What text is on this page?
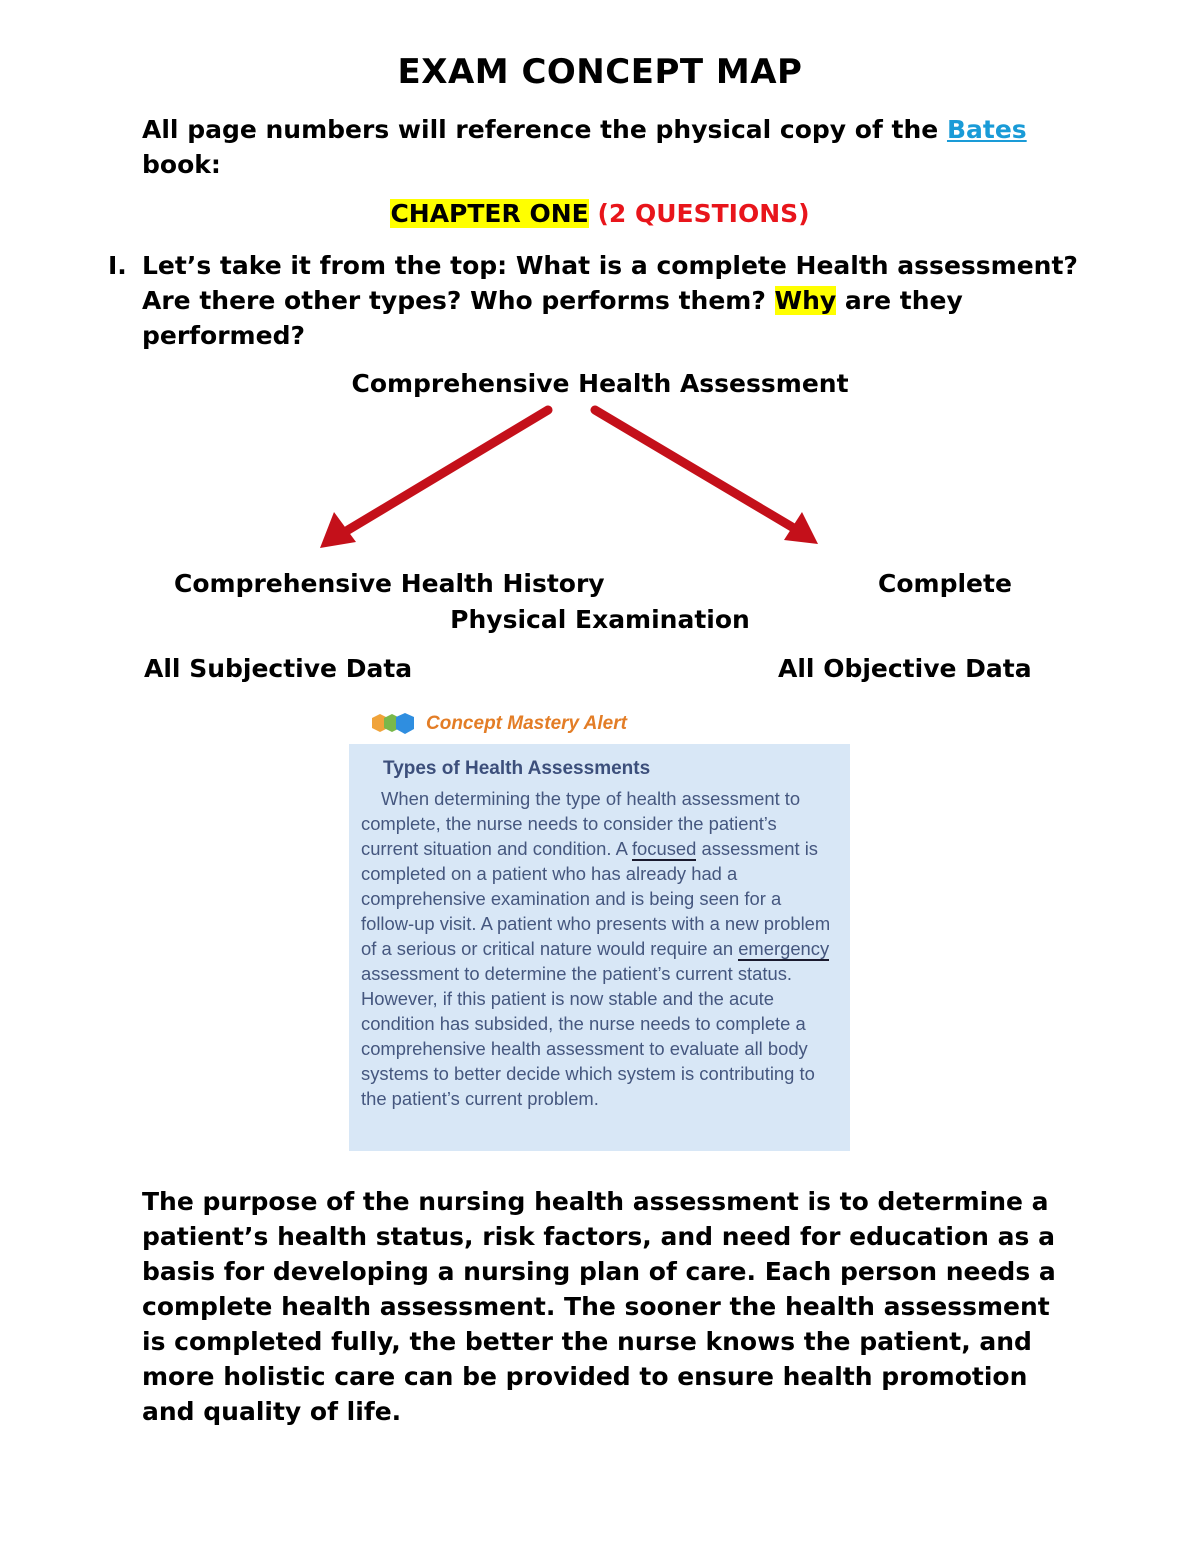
EXAM CONCEPT MAP
All page numbers will reference the physical copy of the Bates book:
CHAPTER ONE (2 QUESTIONS)
I. Let’s take it from the top: What is a complete Health assessment? Are there other types? Who performs them? Why are they performed?
Comprehensive Health Assessment
Comprehensive Health History	Complete
Physical Examination
All Subjective Data	All Objective Data
Concept Mastery Alert
Types of Health Assessments

When determining the type of health assessment to complete, the nurse needs to consider the patient’s current situation and condition. A focused assessment is completed on a patient who has already had a comprehensive examination and is being seen for a follow-up visit. A patient who presents with a new problem of a serious or critical nature would require an emergency assessment to determine the patient’s current status. However, if this patient is now stable and the acute condition has subsided, the nurse needs to complete a comprehensive health assessment to evaluate all body systems to better decide which system is contributing to the patient’s current problem.

The purpose of the nursing health assessment is to determine a patient’s health status, risk factors, and need for education as a basis for developing a nursing plan of care. Each person needs a complete health assessment. The sooner the health assessment is completed fully, the better the nurse knows the patient, and more holistic care can be provided to ensure health promotion and quality of life.
